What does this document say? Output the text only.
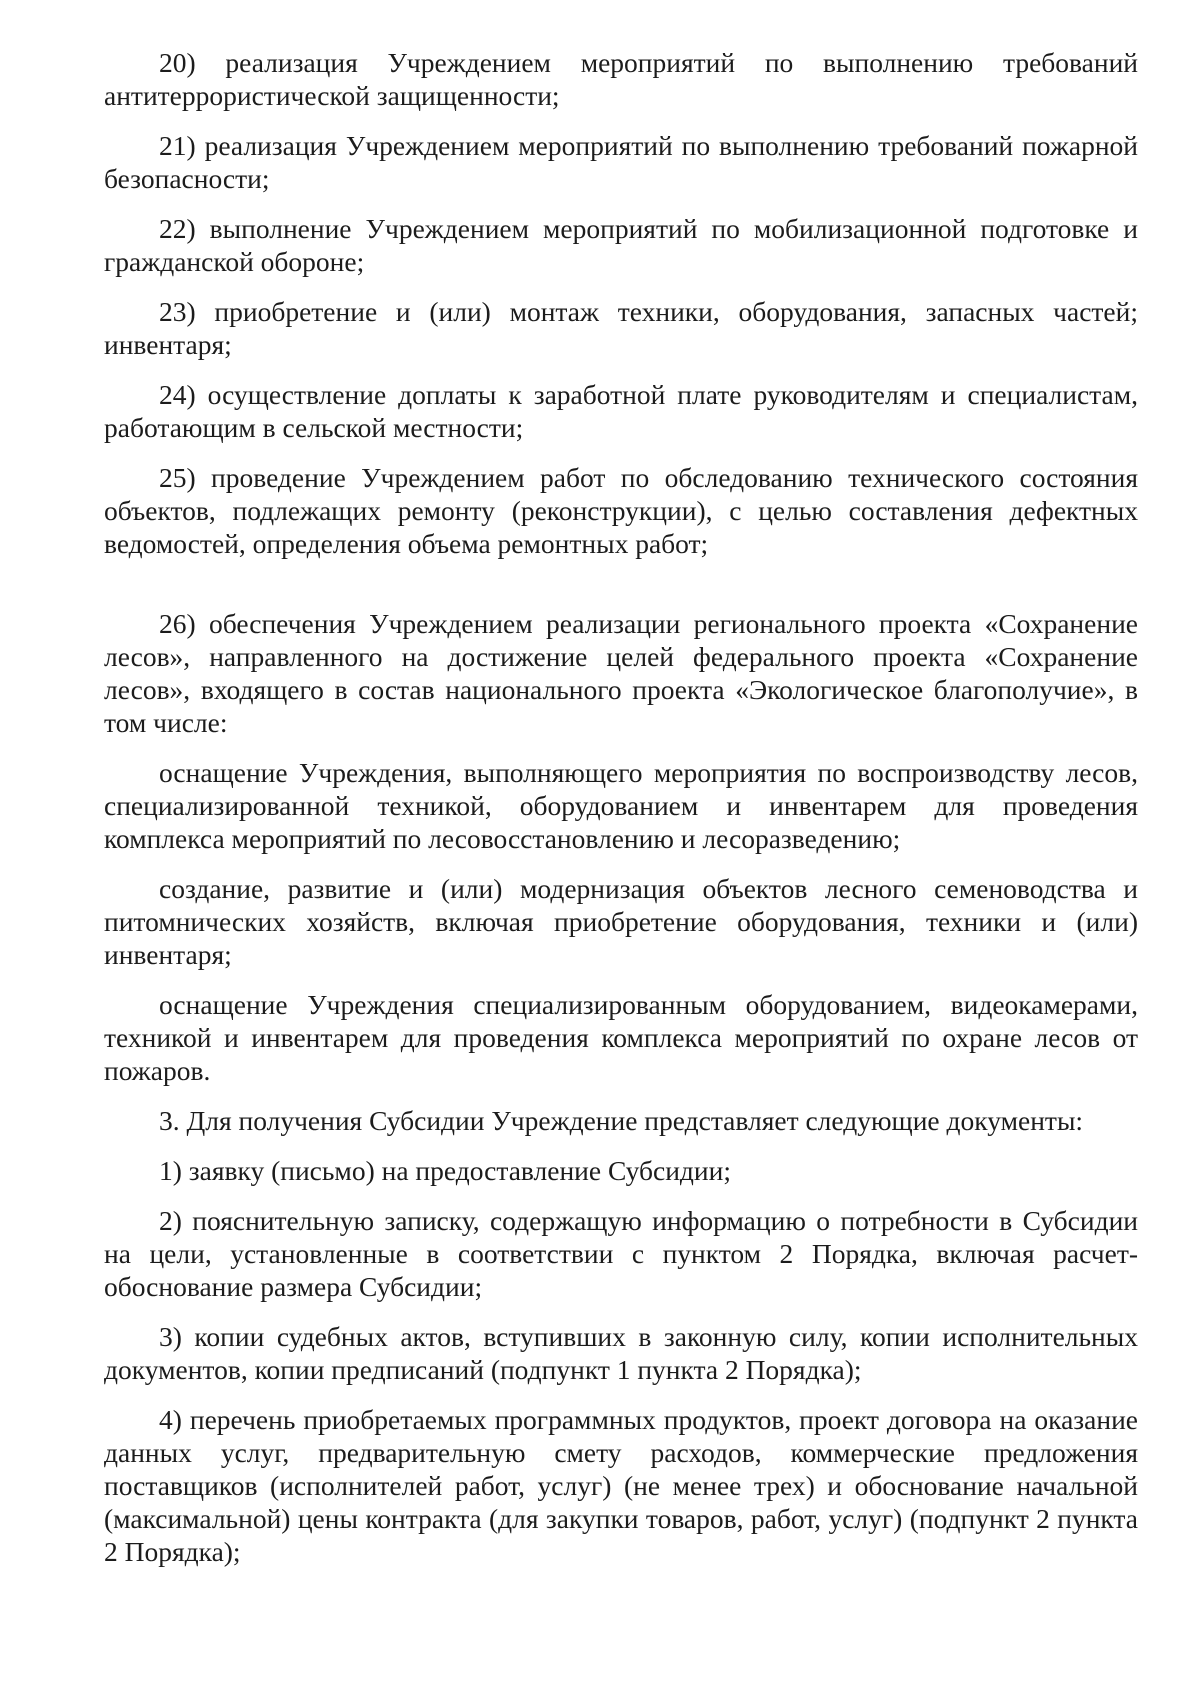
20) реализация Учреждением мероприятий по выполнению требований антитеррористической защищенности;

21) реализация Учреждением мероприятий по выполнению требований пожарной безопасности;

22) выполнение Учреждением мероприятий по мобилизационной подготовке и гражданской обороне;

23) приобретение и (или) монтаж техники, оборудования, запасных частей; инвентаря;

24) осуществление доплаты к заработной плате руководителям и специалистам, работающим в сельской местности;

25) проведение Учреждением работ по обследованию технического состояния объектов, подлежащих ремонту (реконструкции), с целью составления дефектных ведомостей, определения объема ремонтных работ;

26) обеспечения Учреждением реализации регионального проекта «Сохранение лесов», направленного на достижение целей федерального проекта «Сохранение лесов», входящего в состав национального проекта «Экологическое благополучие», в том числе:

оснащение Учреждения, выполняющего мероприятия по воспроизводству лесов, специализированной техникой, оборудованием и инвентарем для проведения комплекса мероприятий по лесовосстановлению и лесоразведению;

создание, развитие и (или) модернизация объектов лесного семеноводства и питомнических хозяйств, включая приобретение оборудования, техники и (или) инвентаря;

оснащение Учреждения специализированным оборудованием, видеокамерами, техникой и инвентарем для проведения комплекса мероприятий по охране лесов от пожаров.

3. Для получения Субсидии Учреждение представляет следующие документы:

1) заявку (письмо) на предоставление Субсидии;

2) пояснительную записку, содержащую информацию о потребности в Субсидии на цели, установленные в соответствии с пунктом 2 Порядка, включая расчет-обоснование размера Субсидии;

3) копии судебных актов, вступивших в законную силу, копии исполнительных документов, копии предписаний (подпункт 1 пункта 2 Порядка);

4) перечень приобретаемых программных продуктов, проект договора на оказание данных услуг, предварительную смету расходов, коммерческие предложения поставщиков (исполнителей работ, услуг) (не менее трех) и обоснование начальной (максимальной) цены контракта (для закупки товаров, работ, услуг) (подпункт 2 пункта 2 Порядка);
